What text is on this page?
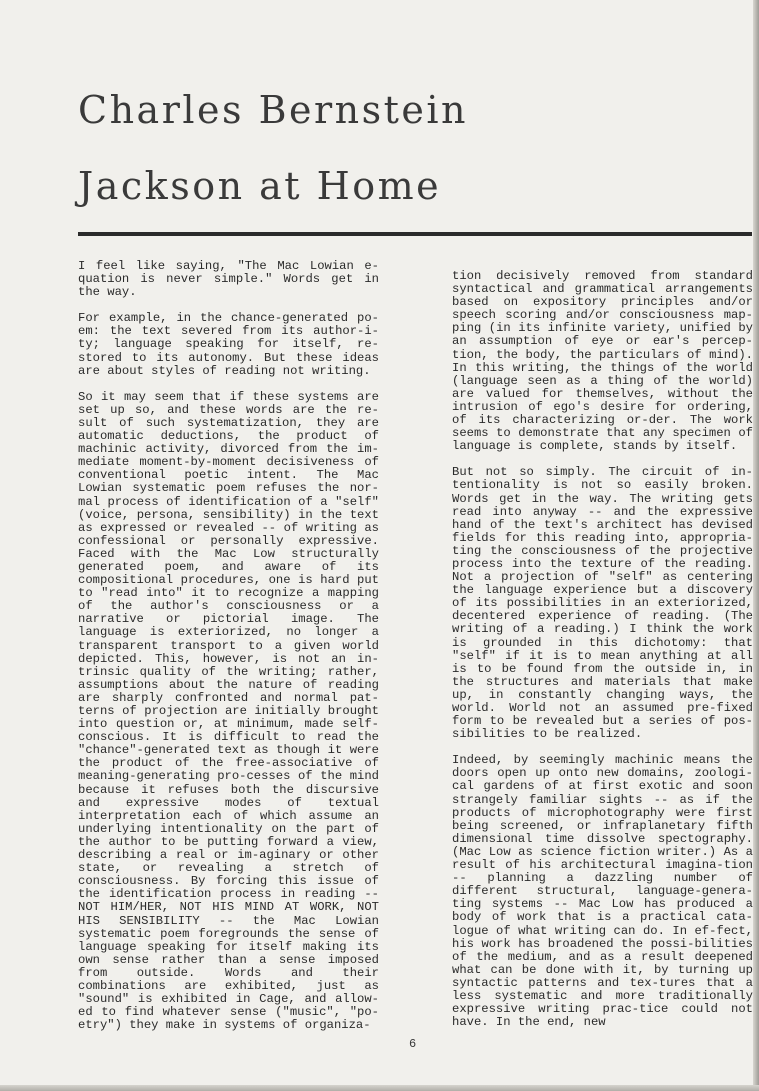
Charles Bernstein
Jackson at Home

I feel like saying, "The Mac Lowian e-quation is never simple." Words get in the way.

For example, in the chance-generated po-em: the text severed from its author-i-ty; language speaking for itself, re-stored to its autonomy. But these ideas are about styles of reading not writing.

So it may seem that if these systems are set up so, and these words are the re-sult of such systematization, they are automatic deductions, the product of machinic activity, divorced from the im-mediate moment-by-moment decisiveness of conventional poetic intent. The Mac Lowian systematic poem refuses the nor-mal process of identification of a "self" (voice, persona, sensibility) in the text as expressed or revealed -- of writing as confessional or personally expressive. Faced with the Mac Low structurally generated poem, and aware of its compositional procedures, one is hard put to "read into" it to recognize a mapping of the author's consciousness or a narrative or pictorial image. The language is exteriorized, no longer a transparent transport to a given world depicted. This, however, is not an in-trinsic quality of the writing; rather, assumptions about the nature of reading are sharply confronted and normal pat-terns of projection are initially brought into question or, at minimum, made self-conscious. It is difficult to read the "chance"-generated text as though it were the product of the free-associative of meaning-generating pro-cesses of the mind because it refuses both the discursive and expressive modes of textual interpretation each of which assume an underlying intentionality on the part of the author to be putting forward a view, describing a real or im-aginary or other state, or revealing a stretch of consciousness. By forcing this issue of the identification process in reading -- NOT HIM/HER, NOT HIS MIND AT WORK, NOT HIS SENSIBILITY -- the Mac Lowian systematic poem foregrounds the sense of language speaking for itself making its own sense rather than a sense imposed from outside. Words and their combinations are exhibited, just as "sound" is exhibited in Cage, and allow-ed to find whatever sense ("music", "po-etry") they make in systems of organiza-

tion decisively removed from standard syntactical and grammatical arrangements based on expository principles and/or speech scoring and/or consciousness map-ping (in its infinite variety, unified by an assumption of eye or ear's percep-tion, the body, the particulars of mind). In this writing, the things of the world (language seen as a thing of the world) are valued for themselves, without the intrusion of ego's desire for ordering, of its characterizing or-der. The work seems to demonstrate that any specimen of language is complete, stands by itself.

But not so simply. The circuit of in-tentionality is not so easily broken. Words get in the way. The writing gets read into anyway -- and the expressive hand of the text's architect has devised fields for this reading into, appropria-ting the consciousness of the projective process into the texture of the reading. Not a projection of "self" as centering the language experience but a discovery of its possibilities in an exteriorized, decentered experience of reading. (The writing of a reading.) I think the work is grounded in this dichotomy: that "self" if it is to mean anything at all is to be found from the outside in, in the structures and materials that make up, in constantly changing ways, the world. World not an assumed pre-fixed form to be revealed but a series of pos-sibilities to be realized.

Indeed, by seemingly machinic means the doors open up onto new domains, zoologi-cal gardens of at first exotic and soon strangely familiar sights -- as if the products of microphotography were first being screened, or infraplanetary fifth dimensional time dissolve spectography. (Mac Low as science fiction writer.) As a result of his architectural imagina-tion -- planning a dazzling number of different structural, language-genera-ting systems -- Mac Low has produced a body of work that is a practical cata-logue of what writing can do. In ef-fect, his work has broadened the possi-bilities of the medium, and as a result deepened what can be done with it, by turning up syntactic patterns and tex-tures that a less systematic and more traditionally expressive writing prac-tice could not have. In the end, new

6
